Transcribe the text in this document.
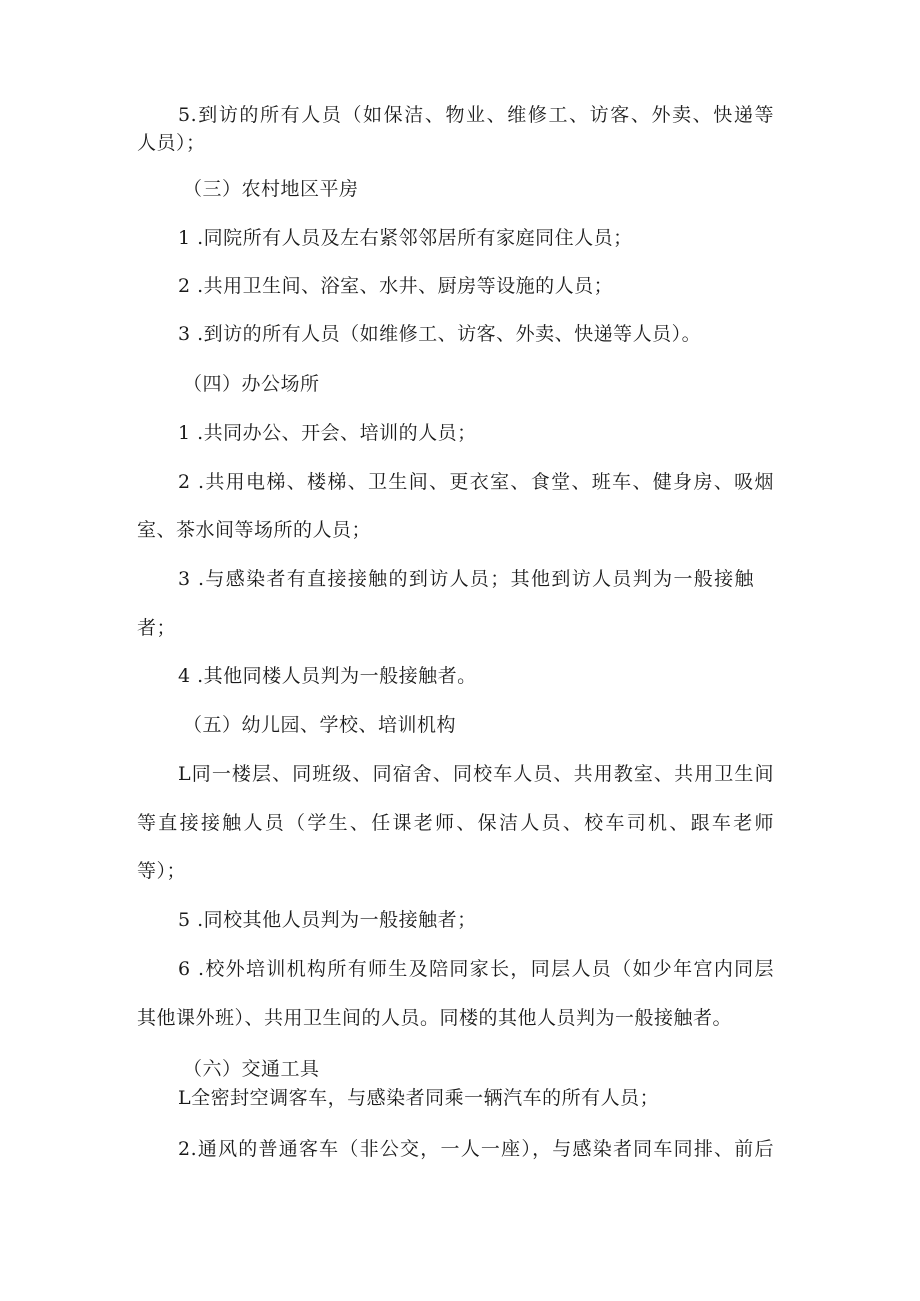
5.到访的所有人员（如保洁、物业、维修工、访客、外卖、快递等
人员）；
（三）农村地区平房
1 .同院所有人员及左右紧邻邻居所有家庭同住人员；
2 .共用卫生间、浴室、水井、厨房等设施的人员；
3 .到访的所有人员（如维修工、访客、外卖、快递等人员）。
（四）办公场所
1 .共同办公、开会、培训的人员；
2 .共用电梯、楼梯、卫生间、更衣室、食堂、班车、健身房、吸烟
室、茶水间等场所的人员；
3 .与感染者有直接接触的到访人员；其他到访人员判为一般接触
者；
4 .其他同楼人员判为一般接触者。
（五）幼儿园、学校、培训机构
L同一楼层、同班级、同宿舍、同校车人员、共用教室、共用卫生间
等直接接触人员（学生、任课老师、保洁人员、校车司机、跟车老师
等）；
5 .同校其他人员判为一般接触者；
6 .校外培训机构所有师生及陪同家长，同层人员（如少年宫内同层
其他课外班）、共用卫生间的人员。同楼的其他人员判为一般接触者。
（六）交通工具
L全密封空调客车，与感染者同乘一辆汽车的所有人员；
2.通风的普通客车（非公交，一人一座），与感染者同车同排、前后
